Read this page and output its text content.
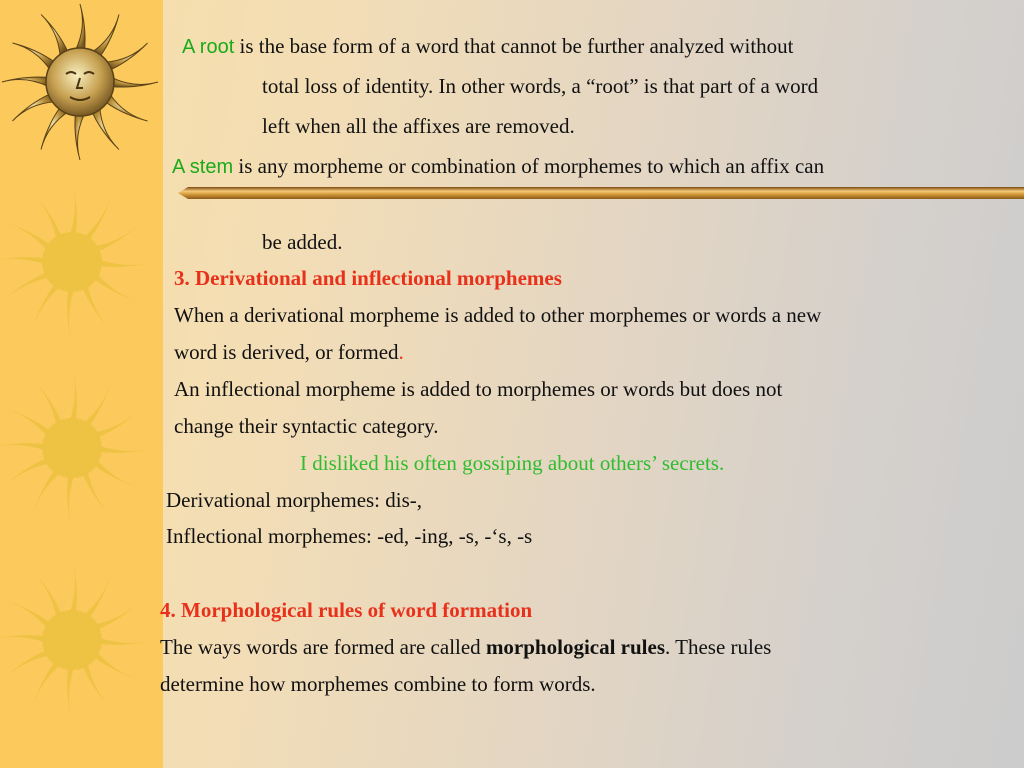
A root is the base form of a word that cannot be further analyzed without
total loss of identity. In other words, a “root” is that part of a word
left when all the affixes are removed.
A stem is any morpheme or combination of morphemes to which an affix can
be added.
3. Derivational and inflectional morphemes
When a derivational morpheme is added to other morphemes or words a new
word is derived, or formed.
An inflectional morpheme is added to morphemes or words but does not
change their syntactic category.
I disliked his often gossiping about others’ secrets.
Derivational morphemes: dis-,
Inflectional morphemes: -ed, -ing, -s, -‘s, -s
4. Morphological rules of word formation
The ways words are formed are called morphological rules. These rules
determine how morphemes combine to form words.
